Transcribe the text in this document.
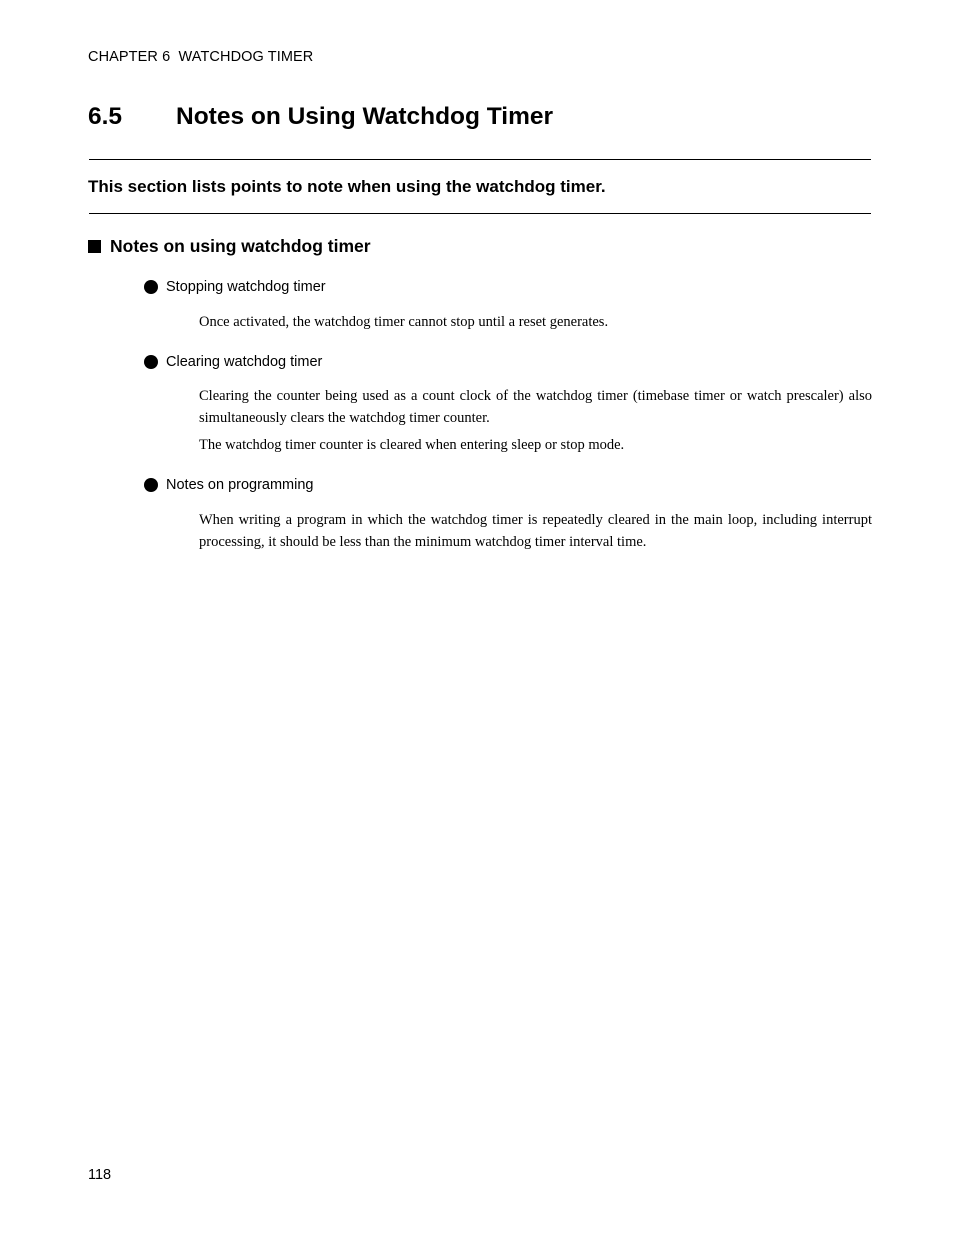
CHAPTER 6  WATCHDOG TIMER
6.5	Notes on Using Watchdog Timer
This section lists points to note when using the watchdog timer.
Notes on using watchdog timer
Stopping watchdog timer

Once activated, the watchdog timer cannot stop until a reset generates.

Clearing watchdog timer

Clearing the counter being used as a count clock of the watchdog timer (timebase timer or watch prescaler) also simultaneously clears the watchdog timer counter.

The watchdog timer counter is cleared when entering sleep or stop mode.

Notes on programming

When writing a program in which the watchdog timer is repeatedly cleared in the main loop, including interrupt processing, it should be less than the minimum watchdog timer interval time.

118
